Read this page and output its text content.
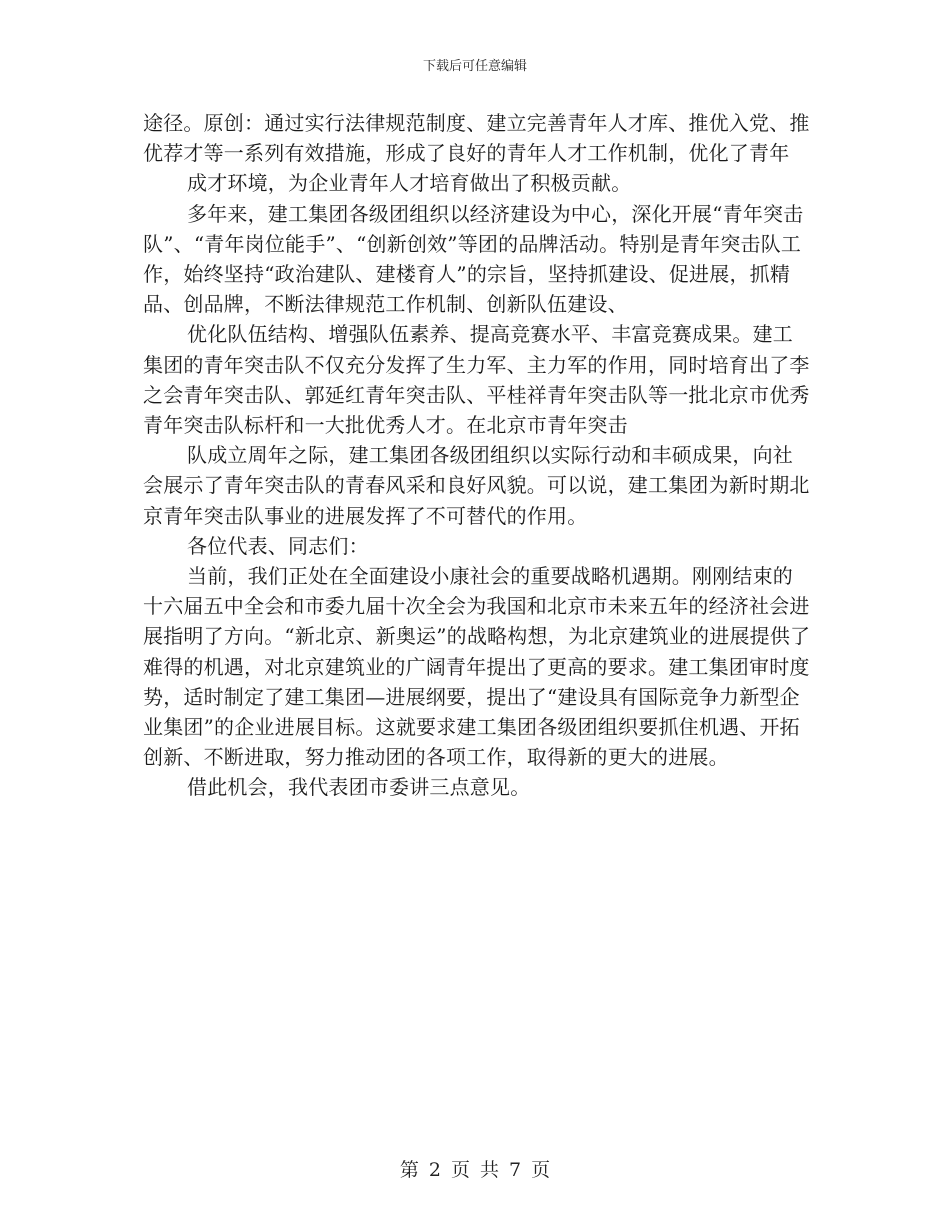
下载后可任意编辑

途径。原创：通过实行法律规范制度、建立完善青年人才库、推优入党、推优荐才等一系列有效措施，形成了良好的青年人才工作机制，优化了青年

成才环境，为企业青年人才培育做出了积极贡献。

多年来，建工集团各级团组织以经济建设为中心，深化开展“青年突击队”、“青年岗位能手”、“创新创效”等团的品牌活动。特别是青年突击队工作，始终坚持“政治建队、建楼育人”的宗旨，坚持抓建设、促进展，抓精品、创品牌，不断法律规范工作机制、创新队伍建设、

优化队伍结构、增强队伍素养、提高竞赛水平、丰富竞赛成果。建工集团的青年突击队不仅充分发挥了生力军、主力军的作用，同时培育出了李之会青年突击队、郭延红青年突击队、平桂祥青年突击队等一批北京市优秀青年突击队标杆和一大批优秀人才。在北京市青年突击

队成立周年之际，建工集团各级团组织以实际行动和丰硕成果，向社会展示了青年突击队的青春风采和良好风貌。可以说，建工集团为新时期北京青年突击队事业的进展发挥了不可替代的作用。

各位代表、同志们：

当前，我们正处在全面建设小康社会的重要战略机遇期。刚刚结束的十六届五中全会和市委九届十次全会为我国和北京市未来五年的经济社会进展指明了方向。“新北京、新奥运”的战略构想，为北京建筑业的进展提供了难得的机遇，对北京建筑业的广阔青年提出了更高的要求。建工集团审时度势，适时制定了建工集团—进展纲要，提出了“建设具有国际竞争力新型企业集团”的企业进展目标。这就要求建工集团各级团组织要抓住机遇、开拓创新、不断进取，努力推动团的各项工作，取得新的更大的进展。

借此机会，我代表团市委讲三点意见。

第 2 页 共 7 页
